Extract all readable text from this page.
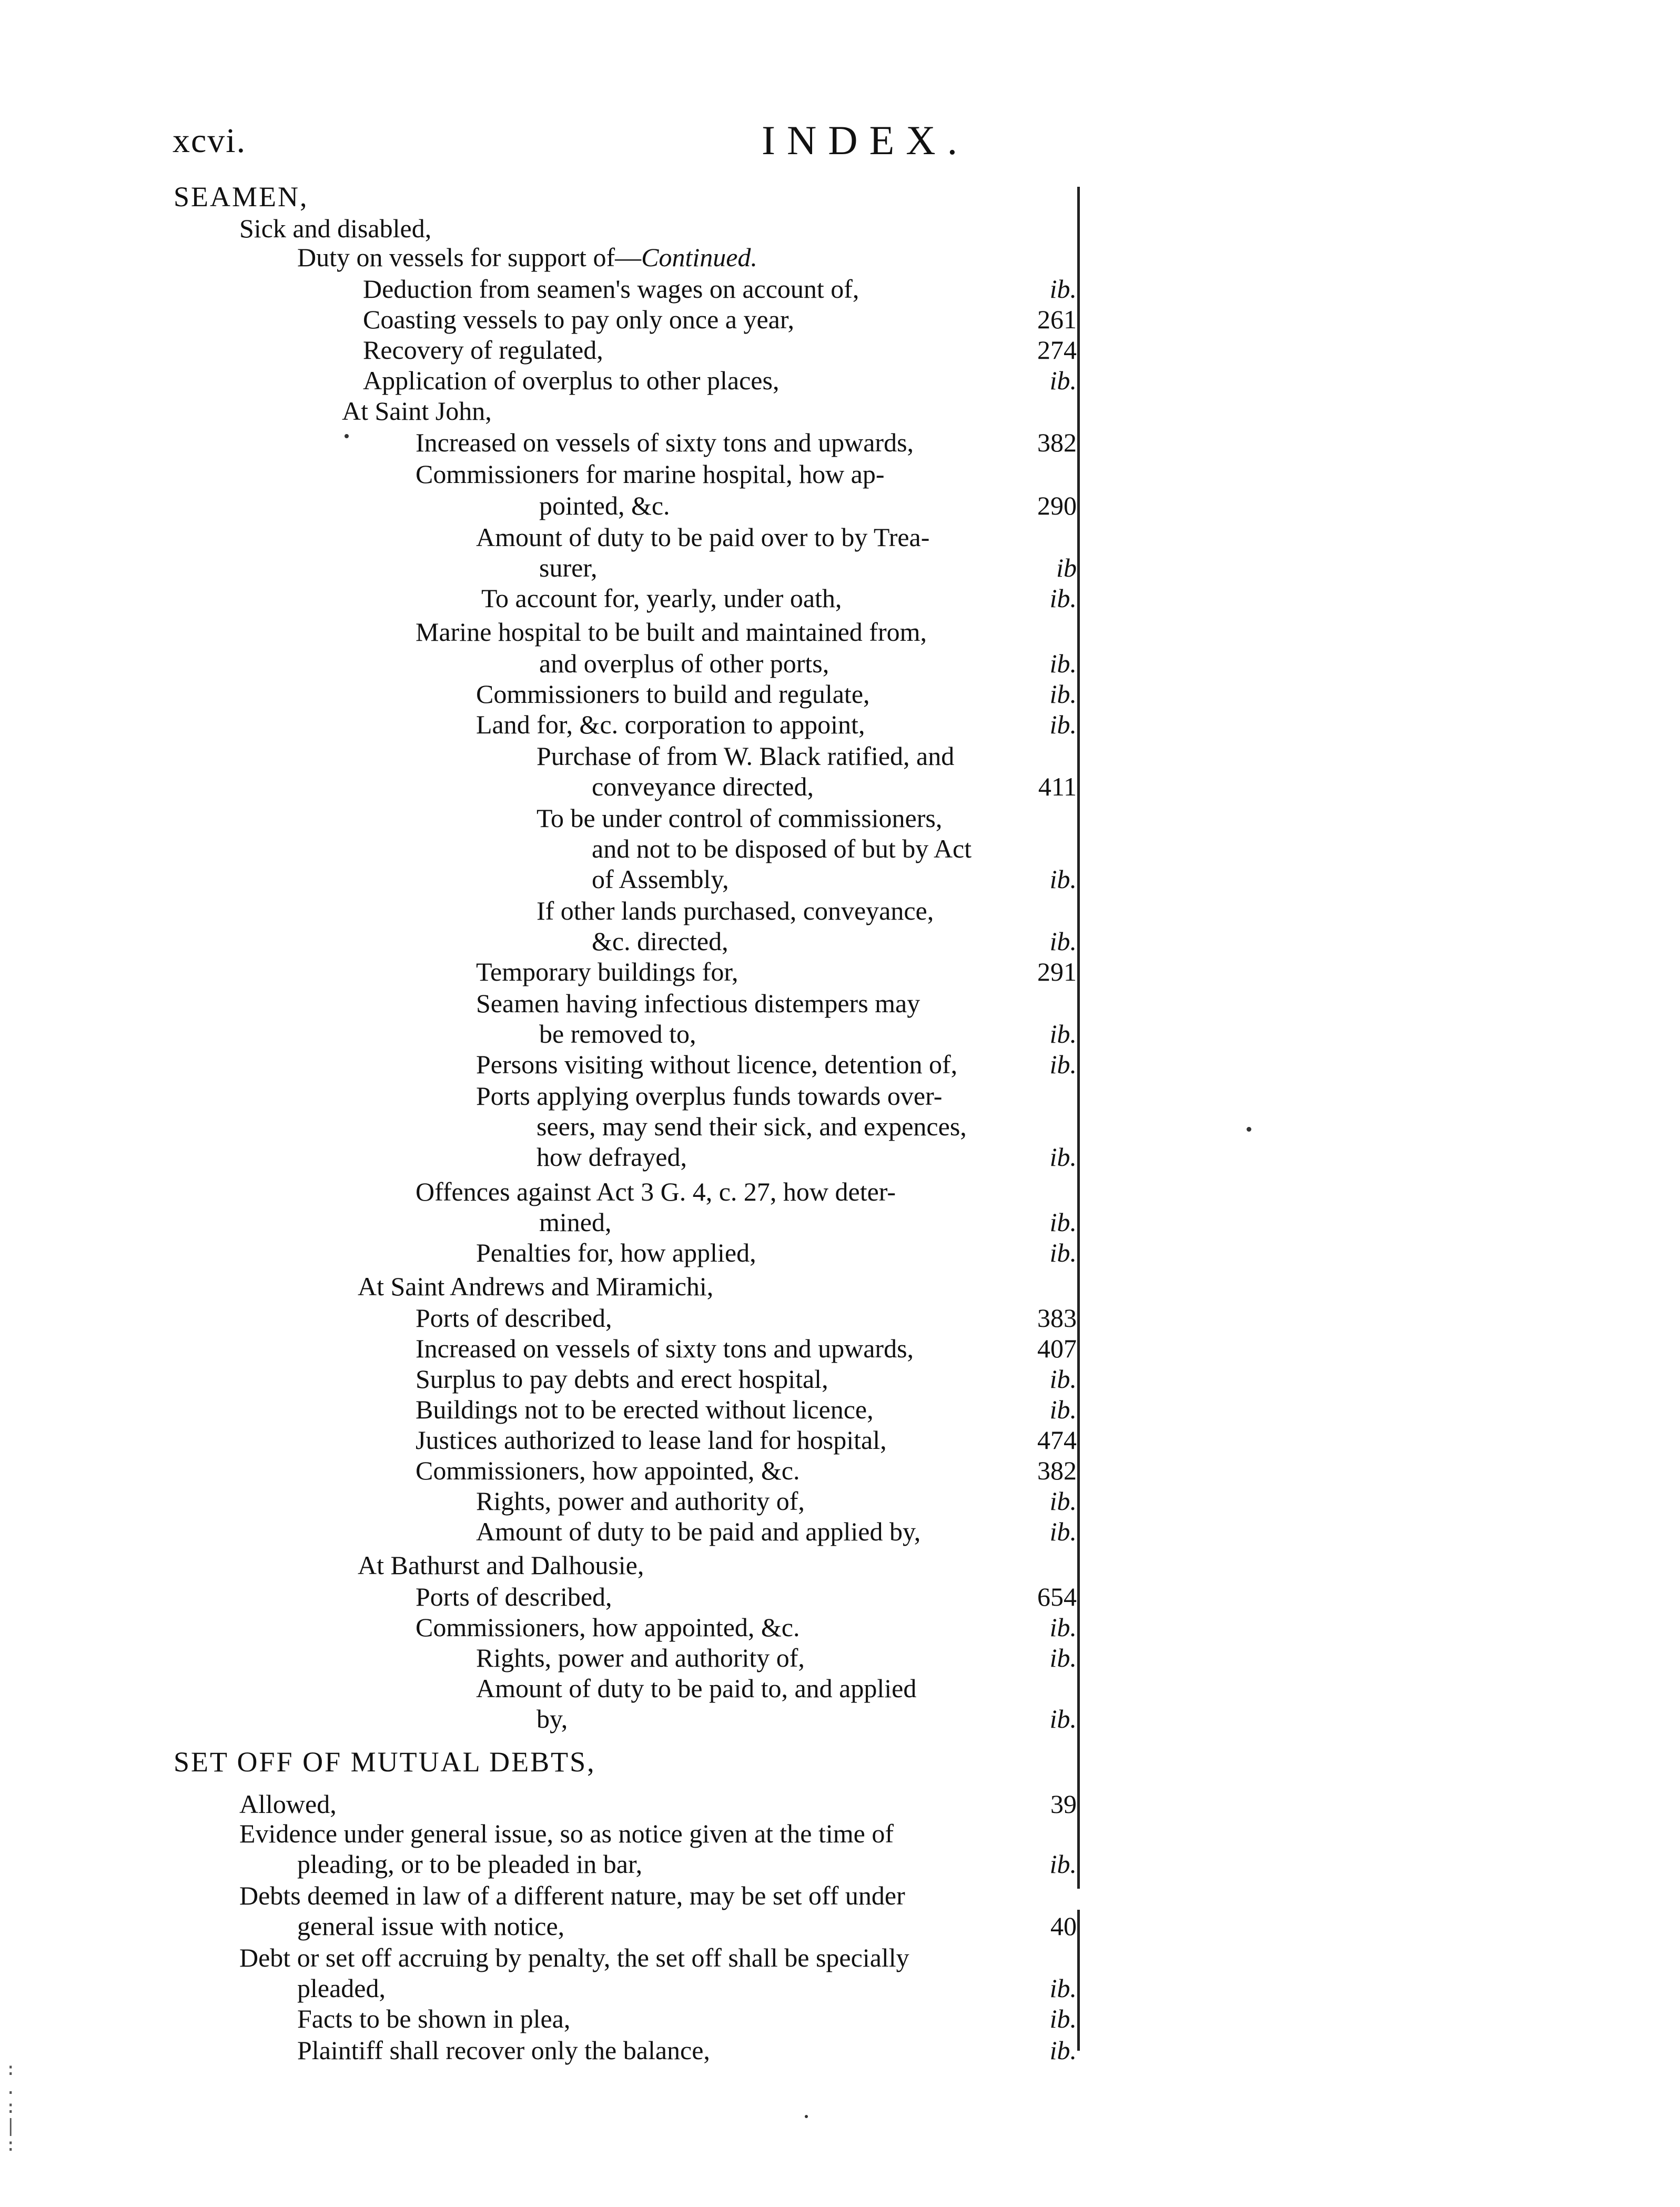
xcvi.	INDEX.
SEAMEN,
Sick and disabled,
Duty on vessels for support of—Continued.
Deduction from seamen's wages on account of,	ib.
Coasting vessels to pay only once a year,	261
Recovery of regulated,	274
Application of overplus to other places,	ib.
At Saint John,
Increased on vessels of sixty tons and upwards,	382
Commissioners for marine hospital, how ap-
pointed, &c.	290
Amount of duty to be paid over to by Trea-
surer,	ib
To account for, yearly, under oath,	ib.
Marine hospital to be built and maintained from,
and overplus of other ports,	ib.
Commissioners to build and regulate,	ib.
Land for, &c. corporation to appoint,	ib.
Purchase of from W. Black ratified, and
conveyance directed,	411
To be under control of commissioners,
and not to be disposed of but by Act
of Assembly,	ib.
If other lands purchased, conveyance,
&c. directed,	ib.
Temporary buildings for,	291
Seamen having infectious distempers may
be removed to,	ib.
Persons visiting without licence, detention of,	ib.
Ports applying overplus funds towards over-
seers, may send their sick, and expences,
how defrayed,	ib.
Offences against Act 3 G. 4, c. 27, how deter-
mined,	ib.
Penalties for, how applied,	ib.
At Saint Andrews and Miramichi,
Ports of described,	383
Increased on vessels of sixty tons and upwards,	407
Surplus to pay debts and erect hospital,	ib.
Buildings not to be erected without licence,	ib.
Justices authorized to lease land for hospital,	474
Commissioners, how appointed, &c.	382
Rights, power and authority of,	ib.
Amount of duty to be paid and applied by,	ib.
At Bathurst and Dalhousie,
Ports of described,	654
Commissioners, how appointed, &c.	ib.
Rights, power and authority of,	ib.
Amount of duty to be paid to, and applied
by,	ib.
SET OFF OF MUTUAL DEBTS,
Allowed,	39
Evidence under general issue, so as notice given at the time of
pleading, or to be pleaded in bar,	ib.
Debts deemed in law of a different nature, may be set off under
general issue with notice,	40
Debt or set off accruing by penalty, the set off shall be specially
pleaded,	ib.
Facts to be shown in plea,	ib.
Plaintiff shall recover only the balance,	ib.
:
.
:
|
:
